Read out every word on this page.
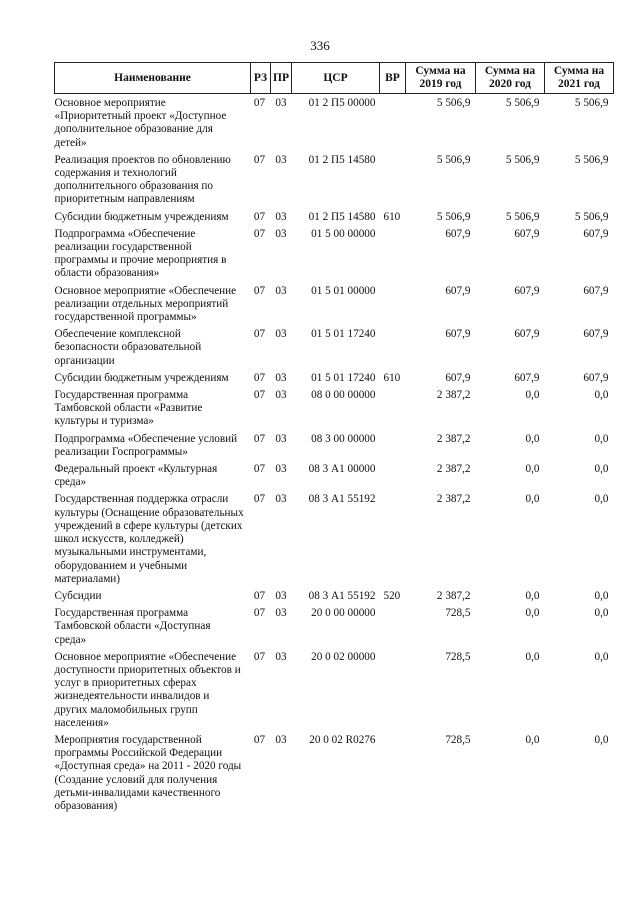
336
Наименование	РЗ	ПР	ЦСР	ВР	Сумма на 2019 год	Сумма на 2020 год	Сумма на 2021 год
Основное мероприятие «Приоритетный проект «Доступное дополнительное образование для детей»	07	03	01 2 П5 00000		5 506,9	5 506,9	5 506,9
Реализация проектов по обновлению содержания и технологий дополнительного образования по приоритетным направлениям	07	03	01 2 П5 14580		5 506,9	5 506,9	5 506,9
Субсидии бюджетным учреждениям	07	03	01 2 П5 14580	610	5 506,9	5 506,9	5 506,9
Подпрограмма «Обеспечение реализации государственной программы и прочие мероприятия в области образования»	07	03	01 5 00 00000		607,9	607,9	607,9
Основное мероприятие «Обеспечение реализации отдельных мероприятий государственной программы»	07	03	01 5 01 00000		607,9	607,9	607,9
Обеспечение комплексной безопасности образовательной организации	07	03	01 5 01 17240		607,9	607,9	607,9
Субсидии бюджетным учреждениям	07	03	01 5 01 17240	610	607,9	607,9	607,9
Государственная программа Тамбовской области «Развитие культуры и туризма»	07	03	08 0 00 00000		2 387,2	0,0	0,0
Подпрограмма «Обеспечение условий реализации Госпрограммы»	07	03	08 3 00 00000		2 387,2	0,0	0,0
Федеральный проект «Культурная среда»	07	03	08 3 А1 00000		2 387,2	0,0	0,0
Государственная поддержка отрасли культуры (Оснащение образовательных учреждений в сфере культуры (детских школ искусств, колледжей) музыкальными инструментами, оборудованием и учебными материалами)	07	03	08 3 А1 55192		2 387,2	0,0	0,0
Субсидии	07	03	08 3 А1 55192	520	2 387,2	0,0	0,0
Государственная программа Тамбовской области «Доступная среда»	07	03	20 0 00 00000		728,5	0,0	0,0
Основное мероприятие «Обеспечение доступности приоритетных объектов и услуг в приоритетных сферах жизнедеятельности инвалидов и других маломобильных групп населения»	07	03	20 0 02 00000		728,5	0,0	0,0
Мероприятия государственной программы Российской Федерации «Доступная среда» на 2011 - 2020 годы (Создание условий для получения детьми-инвалидами качественного образования)	07	03	20 0 02 R0276		728,5	0,0	0,0
